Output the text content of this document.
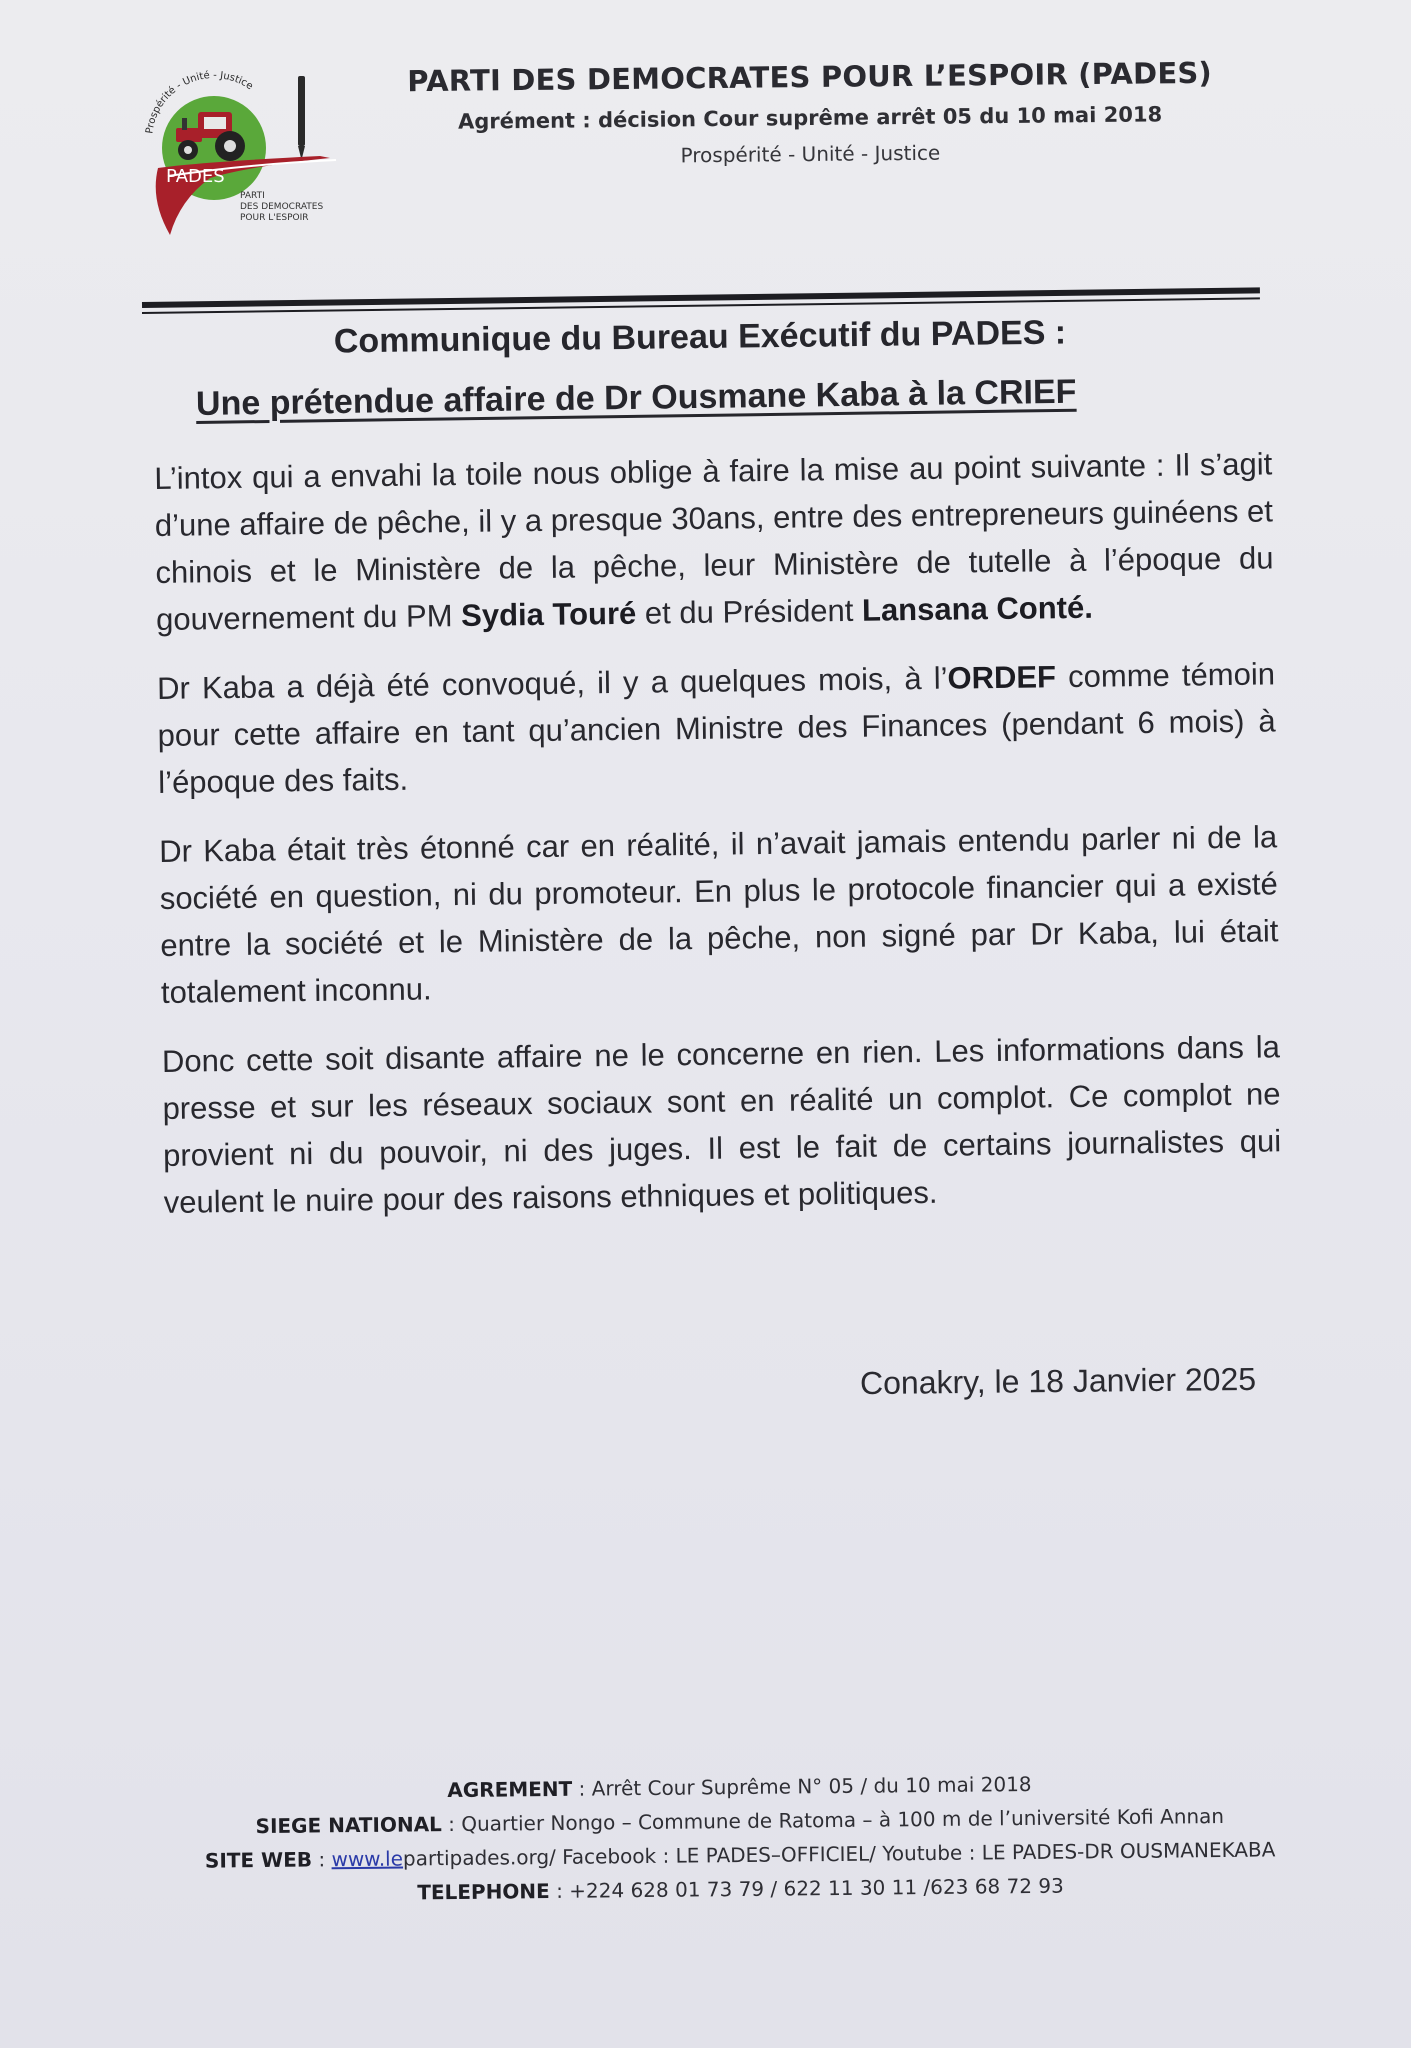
Prospérité - Unité - Justice
PADES
PARTI
DES DEMOCRATES
POUR L'ESPOIR
PARTI DES DEMOCRATES POUR L’ESPOIR (PADES)
Agrément : décision Cour suprême arrêt 05 du 10 mai 2018
Prospérité - Unité - Justice
Communique du Bureau Exécutif du PADES :
Une prétendue affaire de Dr Ousmane Kaba à la CRIEF

L’intox qui a envahi la toile nous oblige à faire la mise au point suivante : Il s’agit d’une affaire de pêche, il y a presque 30ans, entre des entrepreneurs guinéens et chinois et le Ministère de la pêche, leur Ministère de tutelle à l’époque du gouvernement du PM Sydia Touré et du Président Lansana Conté.

Dr Kaba a déjà été convoqué, il y a quelques mois, à l’ORDEF comme témoin pour cette affaire en tant qu’ancien Ministre des Finances (pendant 6 mois) à l’époque des faits.

Dr Kaba était très étonné car en réalité, il n’avait jamais entendu parler ni de la société en question, ni du promoteur. En plus le protocole financier qui a existé entre la société et le Ministère de la pêche, non signé par Dr Kaba, lui était totalement inconnu.

Donc cette soit disante affaire ne le concerne en rien. Les informations dans la presse et sur les réseaux sociaux sont en réalité un complot. Ce complot ne provient ni du pouvoir, ni des juges. Il est le fait de certains journalistes qui veulent le nuire pour des raisons ethniques et politiques.

Conakry, le 18 Janvier 2025
AGREMENT : Arrêt Cour Suprême N° 05 / du 10 mai 2018
SIEGE NATIONAL : Quartier Nongo – Commune de Ratoma – à 100 m de l’université Kofi Annan
SITE WEB : www.lepartipades.org/ Facebook : LE PADES–OFFICIEL/ Youtube : LE PADES-DR OUSMANEKABA
TELEPHONE : +224 628 01 73 79 / 622 11 30 11 /623 68 72 93
